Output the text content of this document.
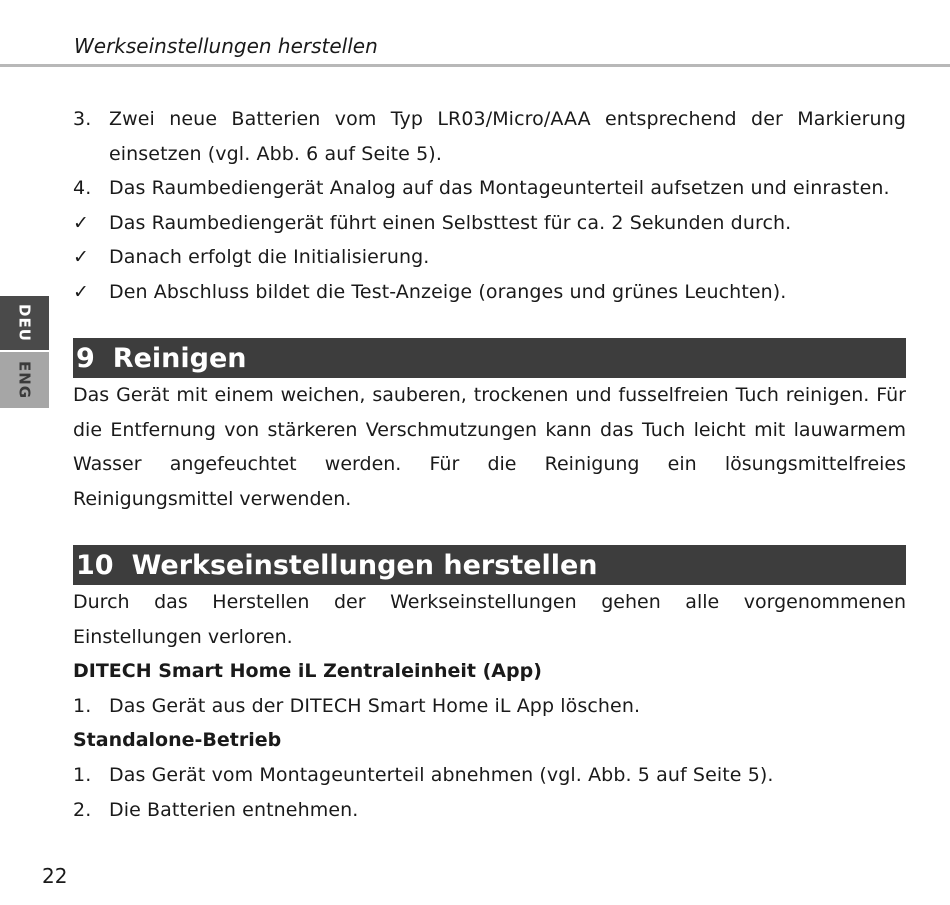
Werkseinstellungen herstellen
DEU
ENG
3. Zwei neue Batterien vom Typ LR03/Micro/AAA entsprechend der Markierung einsetzen (vgl. Abb. 6 auf Seite 5).
4. Das Raumbediengerät Analog auf das Montageunterteil aufsetzen und einrasten.
✓	Das Raumbediengerät führt einen Selbsttest für ca. 2 Sekunden durch.
✓	Danach erfolgt die Initialisierung.
✓	Den Abschluss bildet die Test-Anzeige (oranges und grünes Leuchten).
9 Reinigen

Das Gerät mit einem weichen, sauberen, trockenen und fusselfreien Tuch reinigen. Für die Entfernung von stärkeren Verschmutzungen kann das Tuch leicht mit lauwarmem Wasser angefeuchtet werden. Für die Reinigung ein lösungsmittelfreies Reinigungsmittel verwenden.

10 Werkseinstellungen herstellen

Durch das Herstellen der Werkseinstellungen gehen alle vorgenommenen Einstellungen verloren.

DITECH Smart Home iL Zentraleinheit (App)
1. Das Gerät aus der DITECH Smart Home iL App löschen.
Standalone-Betrieb
1. Das Gerät vom Montageunterteil abnehmen (vgl. Abb. 5 auf Seite 5).
2. Die Batterien entnehmen.
22
